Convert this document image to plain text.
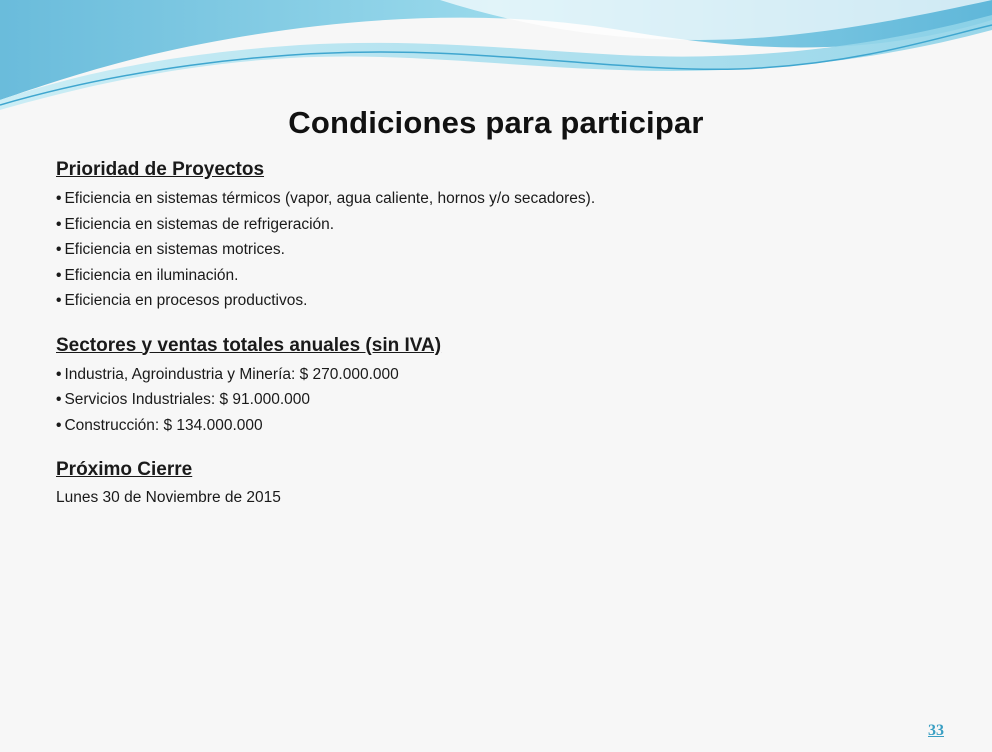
Condiciones para participar
Prioridad de Proyectos
• Eficiencia en sistemas térmicos (vapor, agua caliente, hornos y/o secadores).
• Eficiencia en sistemas de refrigeración.
• Eficiencia en sistemas motrices.
• Eficiencia en iluminación.
• Eficiencia en procesos productivos.
Sectores y ventas totales anuales (sin IVA)
• Industria, Agroindustria y Minería: $ 270.000.000
• Servicios Industriales: $ 91.000.000
• Construcción: $ 134.000.000
Próximo Cierre
Lunes 30 de Noviembre de 2015
33
